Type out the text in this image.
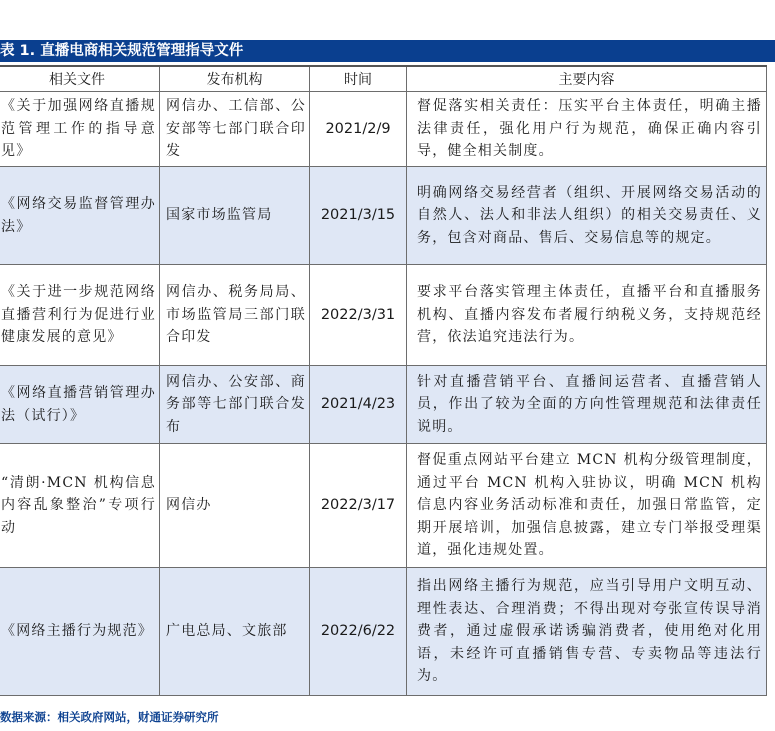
表 1. 直播电商相关规范管理指导文件
相关文件	发布机构	时间	主要内容
《关于加强网络直播规范管理工作的指导意见》	网信办、工信部、公安部等七部门联合印发	2021/2/9	督促落实相关责任：压实平台主体责任，明确主播法律责任，强化用户行为规范，确保正确内容引导，健全相关制度。
《网络交易监督管理办法》	国家市场监管局	2021/3/15	明确网络交易经营者（组织、开展网络交易活动的自然人、法人和非法人组织）的相关交易责任、义务，包含对商品、售后、交易信息等的规定。
《关于进一步规范网络直播营利行为促进行业健康发展的意见》	网信办、税务局局、市场监管局三部门联合印发	2022/3/31	要求平台落实管理主体责任，直播平台和直播服务机构、直播内容发布者履行纳税义务，支持规范经营，依法追究违法行为。
《网络直播营销管理办法（试行）》	网信办、公安部、商务部等七部门联合发布	2021/4/23	针对直播营销平台、直播间运营者、直播营销人员，作出了较为全面的方向性管理规范和法律责任说明。
“清朗·MCN 机构信息内容乱象整治”专项行动	网信办	2022/3/17	督促重点网站平台建立 MCN 机构分级管理制度，通过平台 MCN 机构入驻协议，明确 MCN 机构信息内容业务活动标准和责任，加强日常监管，定期开展培训，加强信息披露，建立专门举报受理渠道，强化违规处置。
《网络主播行为规范》	广电总局、文旅部	2022/6/22	指出网络主播行为规范，应当引导用户文明互动、理性表达、合理消费；不得出现对夸张宣传误导消费者，通过虚假承诺诱骗消费者，使用绝对化用语，未经许可直播销售专营、专卖物品等违法行为。
数据来源：相关政府网站，财通证券研究所
